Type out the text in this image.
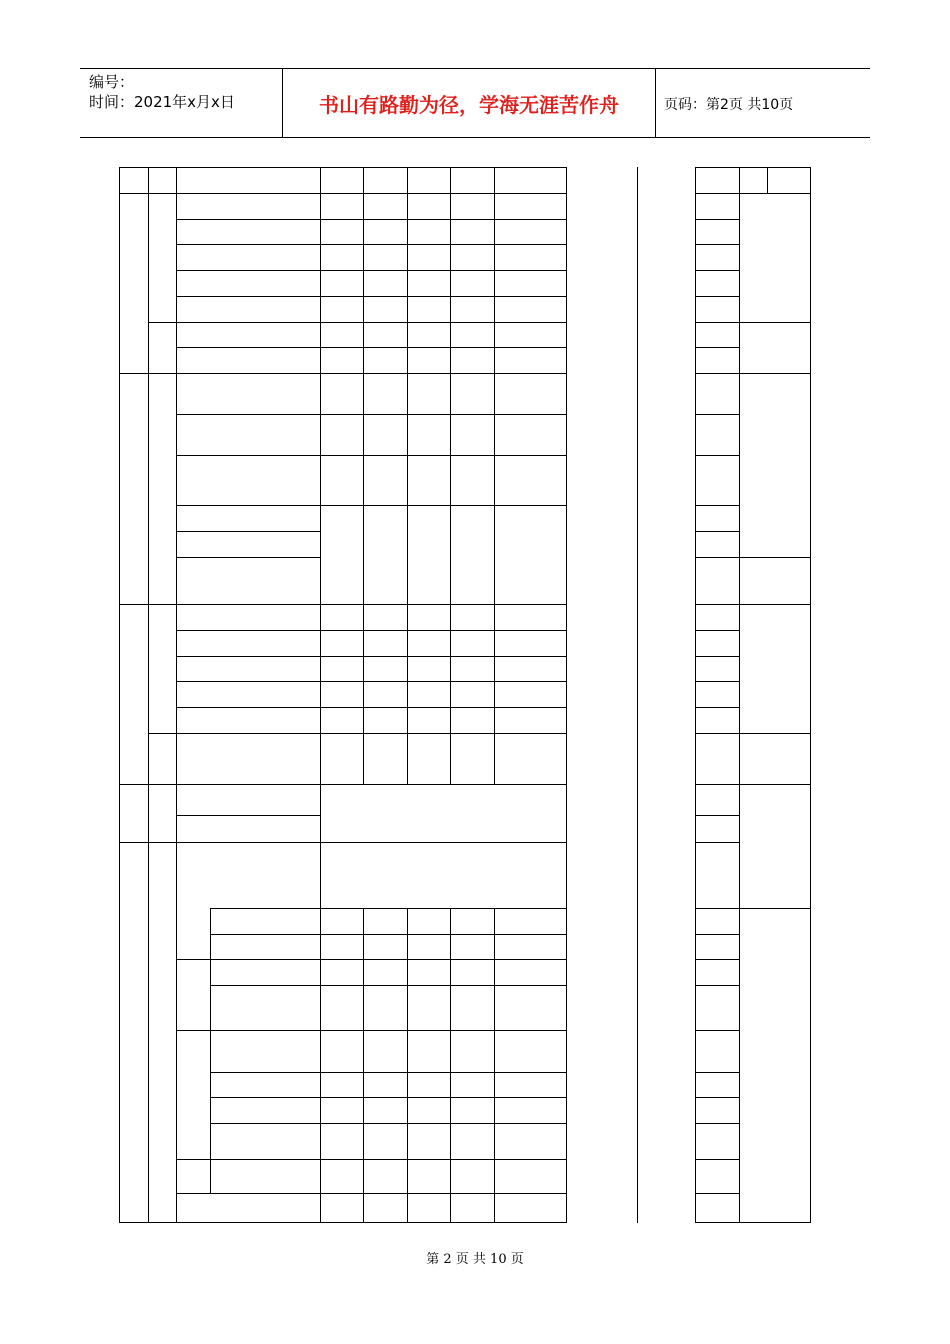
编号：
时间：2021年x月x日	书山有路勤为径，学海无涯苦作舟	页码：第2页 共10页
第 2 页 共 10 页
